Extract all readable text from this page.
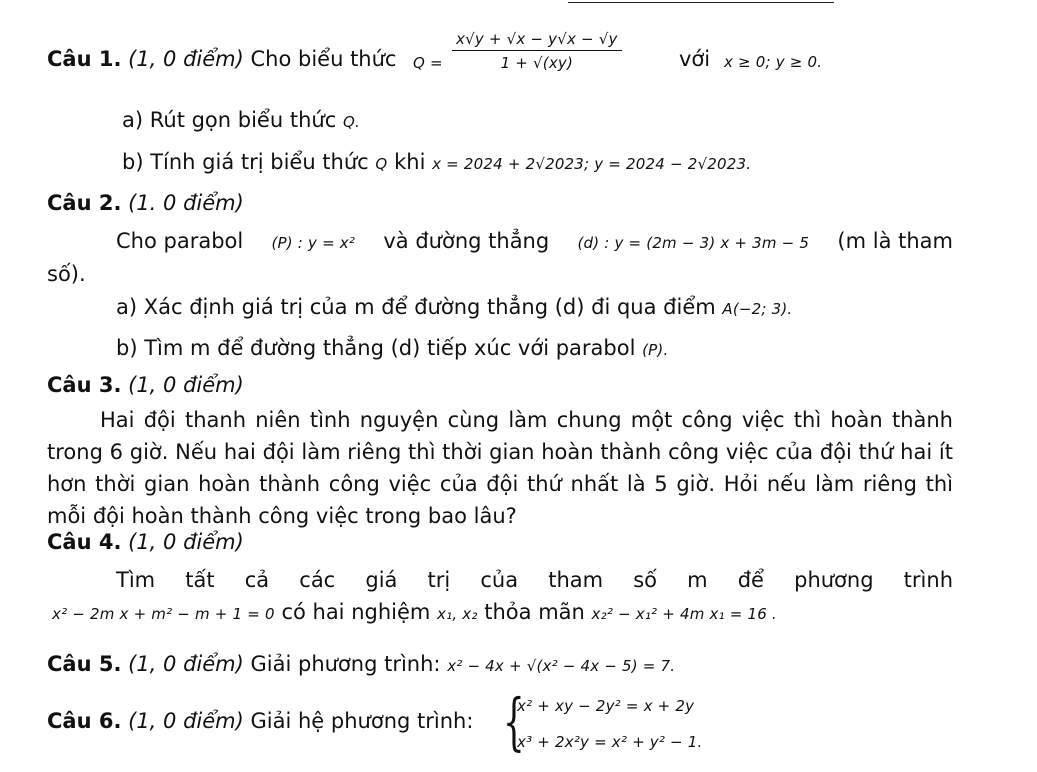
Câu 1. (1, 0 điểm) Cho biểu thức $Q = \frac{x√y + √x - y√x - √y}{1 + √(xy)}$	với x ≥ 0; y ≥ 0.
a) Rút gọn biểu thức Q.
b) Tính giá trị biểu thức Q khi x = 2024 + 2√2023; y = 2024 − 2√2023.
Câu 2. (1. 0 điểm)
Cho parabol (P) : y = x² và đường thẳng (d) : y = (2m − 3) x + 3m − 5 (m là tham
số).
a) Xác định giá trị của m để đường thẳng (d) đi qua điểm A(−2; 3).
b) Tìm m để đường thẳng (d) tiếp xúc với parabol (P).
Câu 3. (1, 0 điểm)
Hai đội thanh niên tình nguyện cùng làm chung một công việc thì hoàn thành trong 6 giờ. Nếu hai đội làm riêng thì thời gian hoàn thành công việc của đội thứ hai ít hơn thời gian hoàn thành công việc của đội thứ nhất là 5 giờ. Hỏi nếu làm riêng thì mỗi đội hoàn thành công việc trong bao lâu?
Câu 4. (1, 0 điểm)
Tìm tất cả các giá trị của tham số m để phương trình
x² − 2m x + m² − m + 1 = 0 có hai nghiệm x₁, x₂ thỏa mãn x₂² − x₁² + 4m x₁ = 16 .
Câu 5. (1, 0 điểm) Giải phương trình: x² − 4x + √(x² − 4x − 5) = 7.
Câu 6. (1, 0 điểm) Giải hệ phương trình: {
x² + xy − 2y² = x + 2y
x³ + 2x²y = x² + y² − 1.
